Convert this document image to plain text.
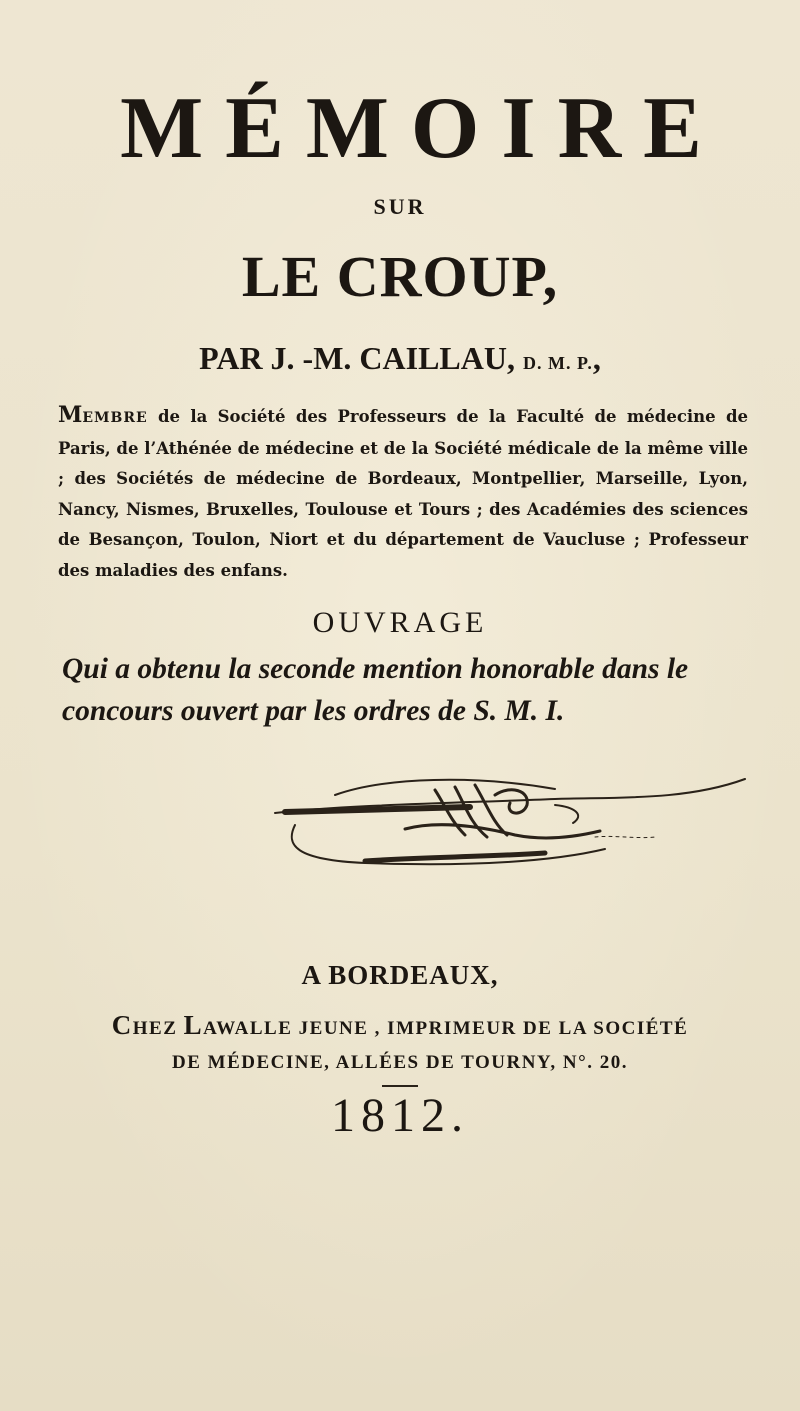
MÉMOIRE
SUR
LE CROUP,
PAR J. -M. CAILLAU, D. M. P.,
MEMBRE de la Société des Professeurs de la Faculté de médecine de Paris, de l’Athénée de médecine et de la Société médicale de la même ville ; des Sociétés de médecine de Bordeaux, Montpellier, Marseille, Lyon, Nancy, Nismes, Bruxelles, Toulouse et Tours ; des Académies des sciences de Besançon, Toulon, Niort et du département de Vaucluse ; Professeur des maladies des enfans.
OUVRAGE
Qui a obtenu la seconde mention honorable dans le concours ouvert par les ordres de S. M. I.
A BORDEAUX,
CHEZ LAWALLE JEUNE , IMPRIMEUR DE LA SOCIÉTÉ
DE MÉDECINE, ALLÉES DE TOURNY, N°. 20.
1812.
